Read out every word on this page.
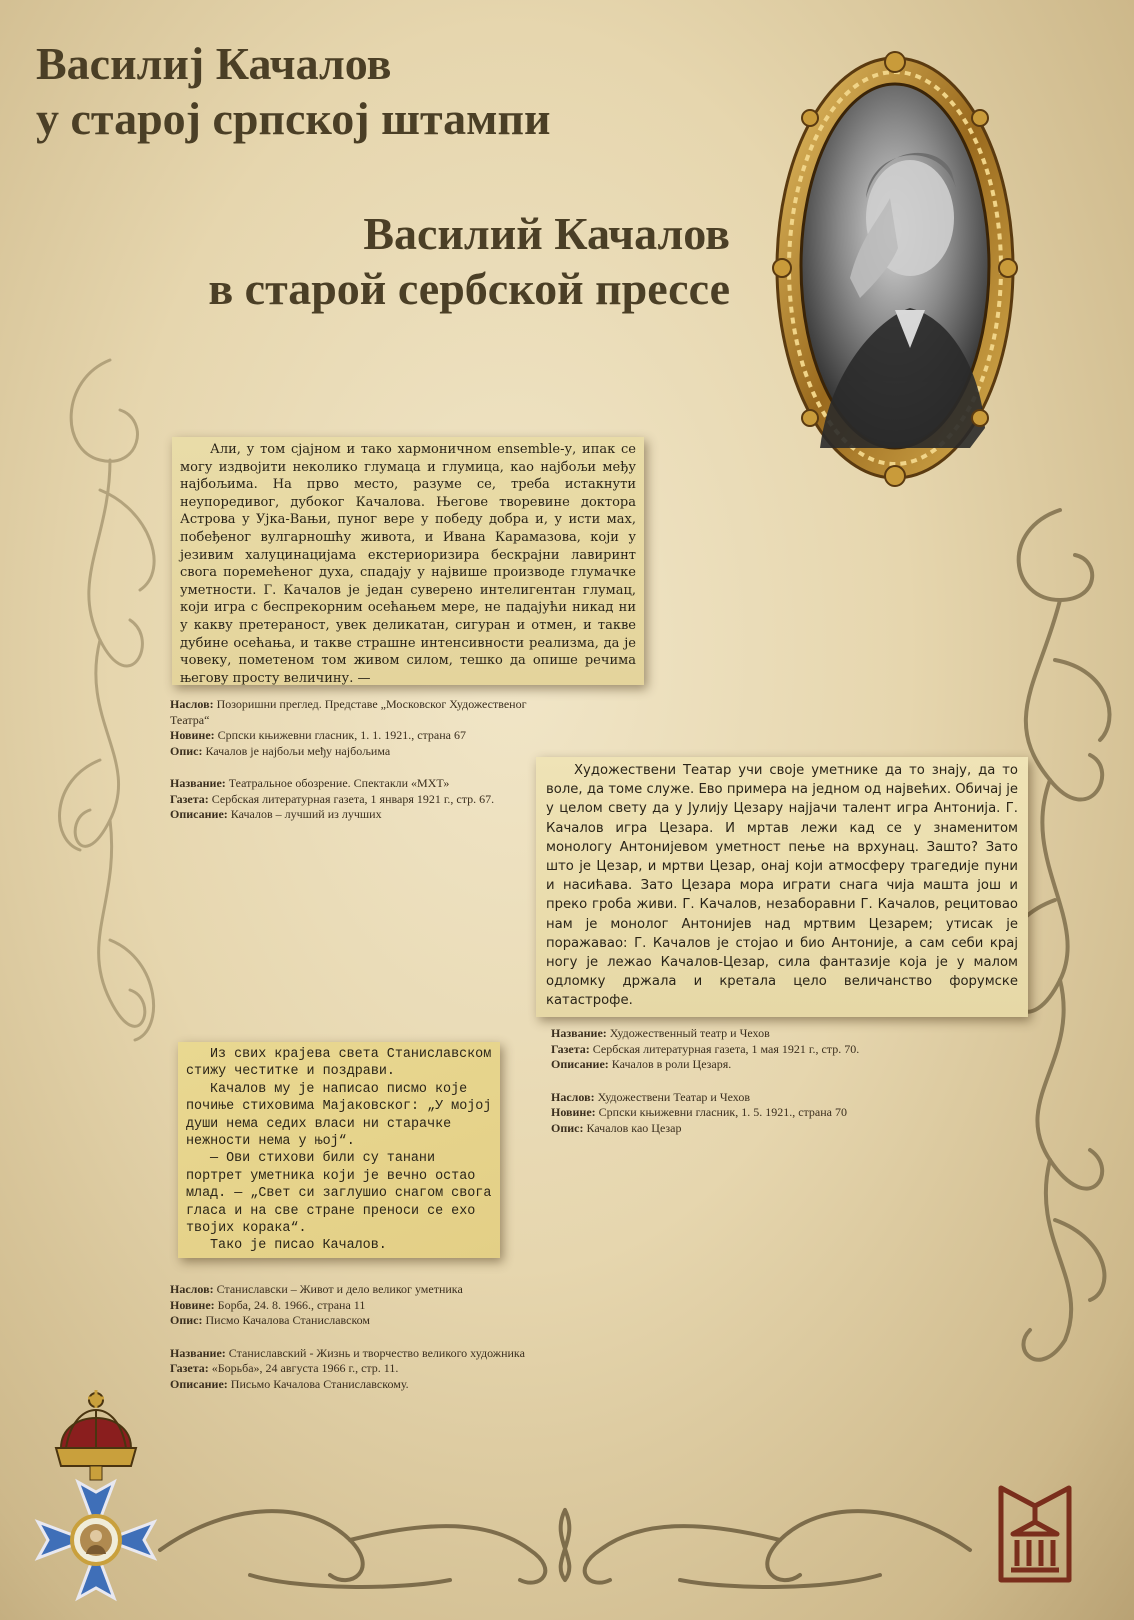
Василиј Качалов
у старој српској штампи
Василий Качалов
в старой сербской прессе

Али, у том сјајном и тако хармоничном ensemble-у, ипак се могу издвојити неколико глумаца и глумица, као најбољи међу најбољима. На прво место, разуме се, треба истакнути неупоредивог, дубоког Качалова. Његове творевине доктора Астрова у Ујка-Вањи, пуног вере у победу добра и, у исти мах, побеђеног вулгарношћу живота, и Ивана Карамазова, који у језивим халуцинацијама екстериоризира бескрајни лавиринт свога поремећеног духа, спадају у највише производе глумачке уметности. Г. Качалов је један суверено интелигентан глумац, који игра с беспрекорним осећањем мере, не падајући никад ни у какву претераност, увек деликатан, сигуран и отмен, и такве дубине осећања, и такве страшне интенсивности реализма, да је човеку, пометеном том живом силом, тешко да опише речима његову просту величину. —

Наслов: Позоришни преглед. Представе „Московског Художественог Театра“
Новине: Српски књижевни гласник, 1. 1. 1921., страна 67
Опис: Качалов је најбољи међу најбољима
Название: Театральное обозрение. Спектакли «МХТ»
Газета: Сербская литературная газета, 1 января 1921 г., стр. 67.
Описание: Качалов – лучший из лучших

Художествени Театар учи своје уметнике да то знају, да то воле, да томе служе. Ево примера на једном од највећих. Обичај је у целом свету да у Јулију Цезару најјачи талент игра Антонија. Г. Качалов игра Цезара. И мртав лежи кад се у знаменитом монологу Антонијевом уметност пење на врхунац. Зашто? Зато што је Цезар, и мртви Цезар, онај који атмосферу трагедије пуни и насићава. Зато Цезара мора играти снага чија машта још и преко гроба живи. Г. Качалов, незаборавни Г. Качалов, рецитовао нам је монолог Антонијев над мртвим Цезарем; утисак је поражавао: Г. Качалов је стојао и био Антоније, а сам себи крај ногу је лежао Качалов-Цезар, сила фантазије која је у малом одломку држала и кретала цело величанство форумске катастрофе.

Название: Художественный театр и Чехов
Газета: Сербская литературная газета, 1 мая 1921 г., стр. 70.
Описание: Качалов в роли Цезаря.
Наслов: Художествени Театар и Чехов
Новине: Српски књижевни гласник, 1. 5. 1921., страна 70
Опис: Качалов као Цезар

Из свих крајева света Станиславском стижу честитке и поздрави.

Качалов му је написао писмо које почиње стиховима Мајаковског: „У мојој души нема седих власи ни старачке нежности нема у њој“.

— Ови стихови били су танани портрет уметника који је вечно остао млад. — „Свет си заглушио снагом свога гласа и на све стране преноси се ехо твојих корака“.

Тако је писао Качалов.

Наслов: Станиславски – Живот и дело великог уметника
Новине: Борба, 24. 8. 1966., страна 11
Опис: Писмо Качалова Станиславском
Название: Станиславский - Жизнь и творчество великого художника
Газета: «Борьба», 24 августа 1966 г., стр. 11.
Описание: Письмо Качалова Станиславскому.
